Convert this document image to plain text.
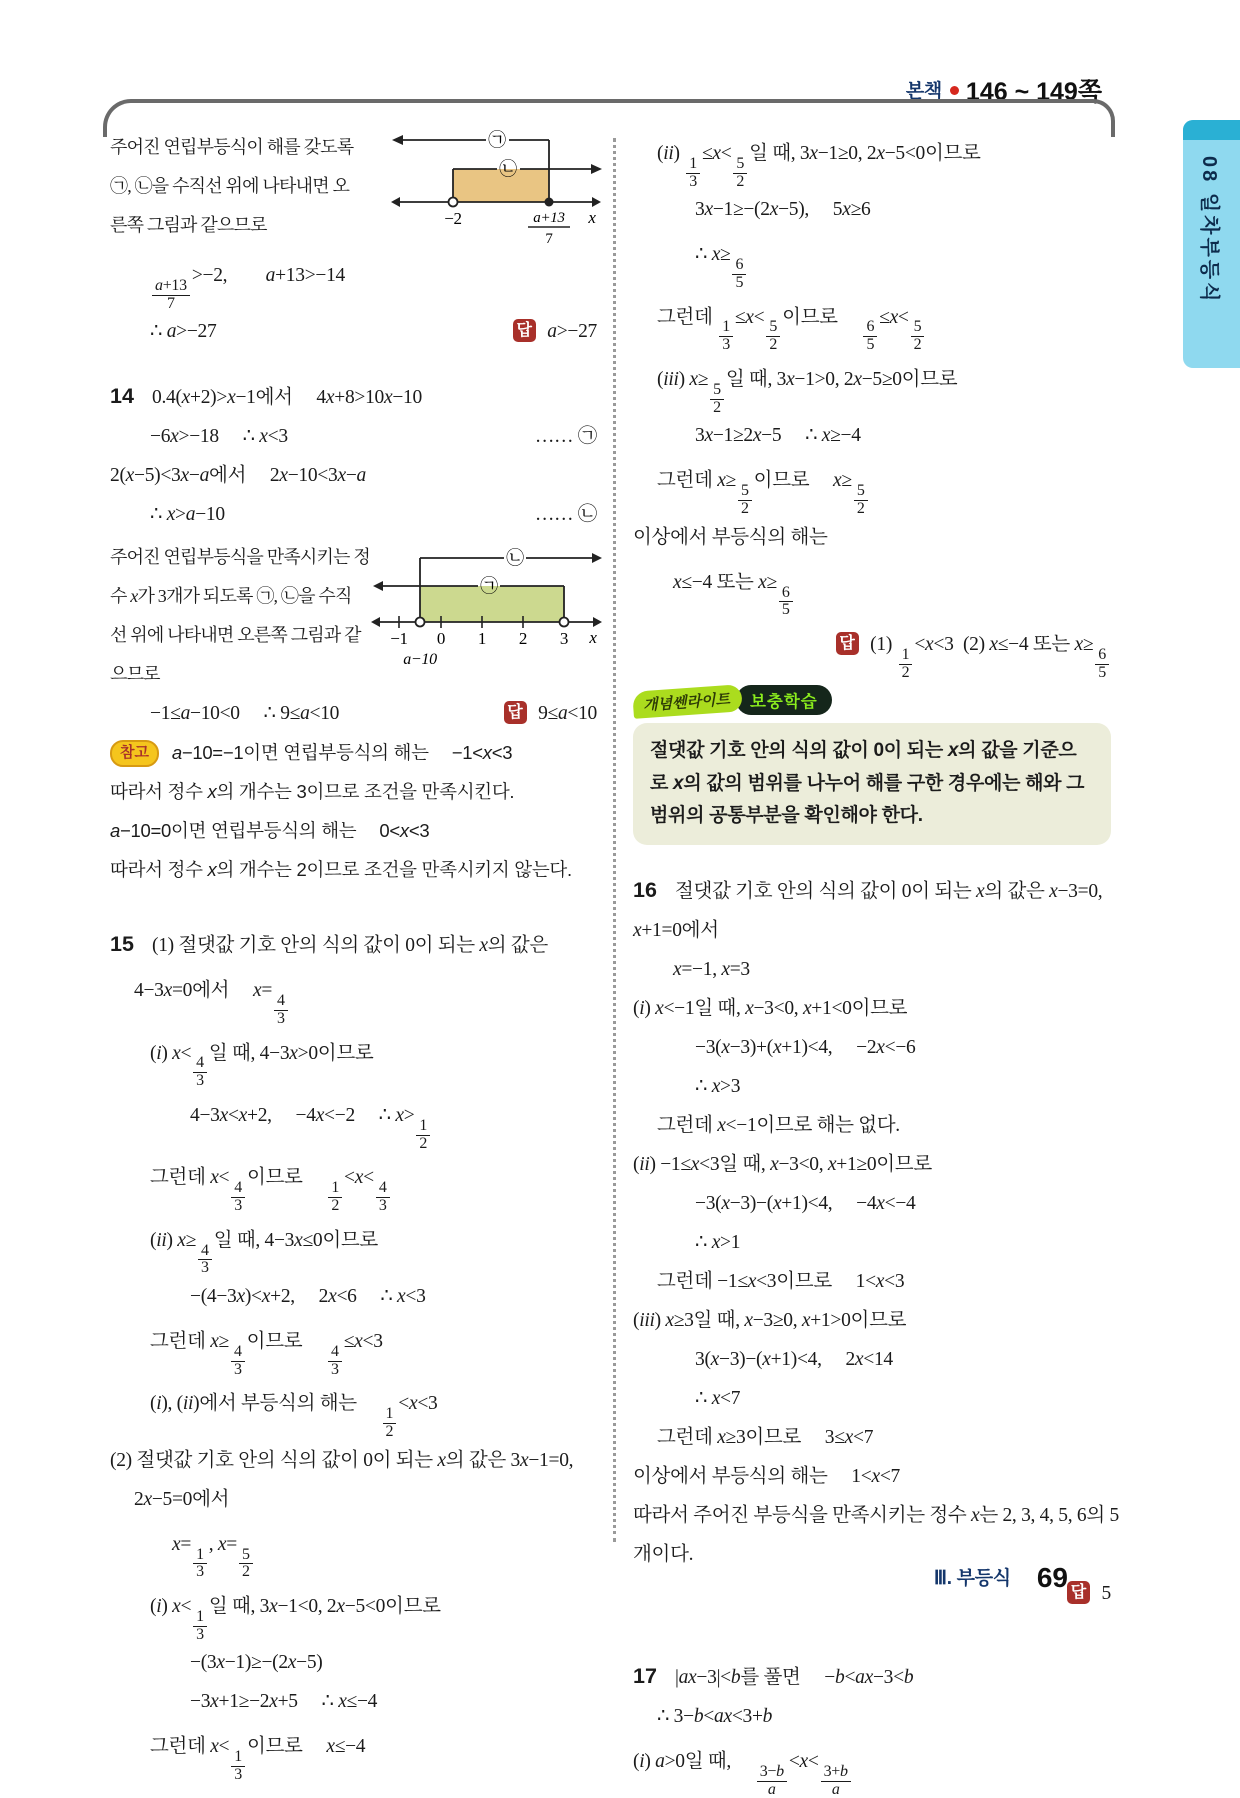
본책 146 ~ 149쪽
08 일차부등식
㉠
㉡
−2	a+13
7
x
주어진 연립부등식이 해를 갖도록
㉠, ㉡을 수직선 위에 나타내면 오
른쪽 그림과 같으므로
$\frac{a+13}{7}$
>−2,  a+13>−14
답 a>−27
∴ a>−27
14 0.4(x+2)>x−1에서  4x+8>10x−10
…… ㉠
−6x>−18  ∴ x<3
2(x−5)<3x−a에서  2x−10<3x−a
…… ㉡
∴ x>a−10
㉡
㉠
−1 0 1 2 3 x
a−10
주어진 연립부등식을 만족시키는 정
수 x가 3개가 되도록 ㉠, ㉡을 수직
선 위에 나타내면 오른쪽 그림과 같
으므로
답 9≤a<10
−1≤a−10<0  ∴ 9≤a<10
참고 a−10=−1이면 연립부등식의 해는  −1<x<3
따라서 정수 x의 개수는 3이므로 조건을 만족시킨다.
a−10=0이면 연립부등식의 해는  0<x<3
따라서 정수 x의 개수는 2이므로 조건을 만족시키지 않는다.
15 (1) 절댓값 기호 안의 식의 값이 0이 되는 x의 값은
4−3x=0에서  x=
$\frac{4}{3}$
(i) x<
$\frac{4}{3}$
일 때, 4−3x>0이므로
4−3x<x+2,  −4x<−2  ∴ x>
$\frac{1}{2}$
그런데 x<
$\frac{4}{3}$
이므로 
$\frac{1}{2}$
<x<
$\frac{4}{3}$
(ii) x≥
$\frac{4}{3}$
일 때, 4−3x≤0이므로
−(4−3x)<x+2,  2x<6  ∴ x<3
그런데 x≥
$\frac{4}{3}$
이므로 
$\frac{4}{3}$
≤x<3
(i), (ii)에서 부등식의 해는 
$\frac{1}{2}$
<x<3
(2) 절댓값 기호 안의 식의 값이 0이 되는 x의 값은 3x−1=0,
2x−5=0에서
x=
$\frac{1}{3}$
, x=
$\frac{5}{2}$
(i) x<
$\frac{1}{3}$
일 때, 3x−1<0, 2x−5<0이므로
−(3x−1)≥−(2x−5)
−3x+1≥−2x+5  ∴ x≤−4
그런데 x<
$\frac{1}{3}$
이므로  x≤−4
(ii)
$\frac{1}{3}$
≤x<
$\frac{5}{2}$
일 때, 3x−1≥0, 2x−5<0이므로
3x−1≥−(2x−5),  5x≥6
∴ x≥
$\frac{6}{5}$
그런데
$\frac{1}{3}$
≤x<
$\frac{5}{2}$
이므로 
$\frac{6}{5}$
≤x<
$\frac{5}{2}$
(iii) x≥
$\frac{5}{2}$
일 때, 3x−1>0, 2x−5≥0이므로
3x−1≥2x−5  ∴ x≥−4
그런데 x≥
$\frac{5}{2}$
이므로  x≥
$\frac{5}{2}$
이상에서 부등식의 해는
x≤−4 또는 x≥
$\frac{6}{5}$
답 (1)
$\frac{1}{2}$
<x<3 (2) x≤−4 또는 x≥
$\frac{6}{5}$
개념쎈라이트 보충학습
절댓값 기호 안의 식의 값이 0이 되는 x의 값을 기준으로 x의 값의 범위를 나누어 해를 구한 경우에는 해와 그 범위의 공통부분을 확인해야 한다.
16 절댓값 기호 안의 식의 값이 0이 되는 x의 값은 x−3=0,
x+1=0에서
x=−1, x=3
(i) x<−1일 때, x−3<0, x+1<0이므로
−3(x−3)+(x+1)<4,  −2x<−6
∴ x>3
그런데 x<−1이므로 해는 없다.
(ii) −1≤x<3일 때, x−3<0, x+1≥0이므로
−3(x−3)−(x+1)<4,  −4x<−4
∴ x>1
그런데 −1≤x<3이므로  1<x<3
(iii) x≥3일 때, x−3≥0, x+1>0이므로
3(x−3)−(x+1)<4,  2x<14
∴ x<7
그런데 x≥3이므로  3≤x<7
이상에서 부등식의 해는  1<x<7
따라서 주어진 부등식을 만족시키는 정수 x는 2, 3, 4, 5, 6의 5
개이다.
답 5
17 |ax−3|<b를 풀면  −b<ax−3<b
∴ 3−b<ax<3+b
(i) a>0일 때, 
$\frac{3-b}{a}$
<x<
$\frac{3+b}{a}$
Ⅲ. 부등식 69
